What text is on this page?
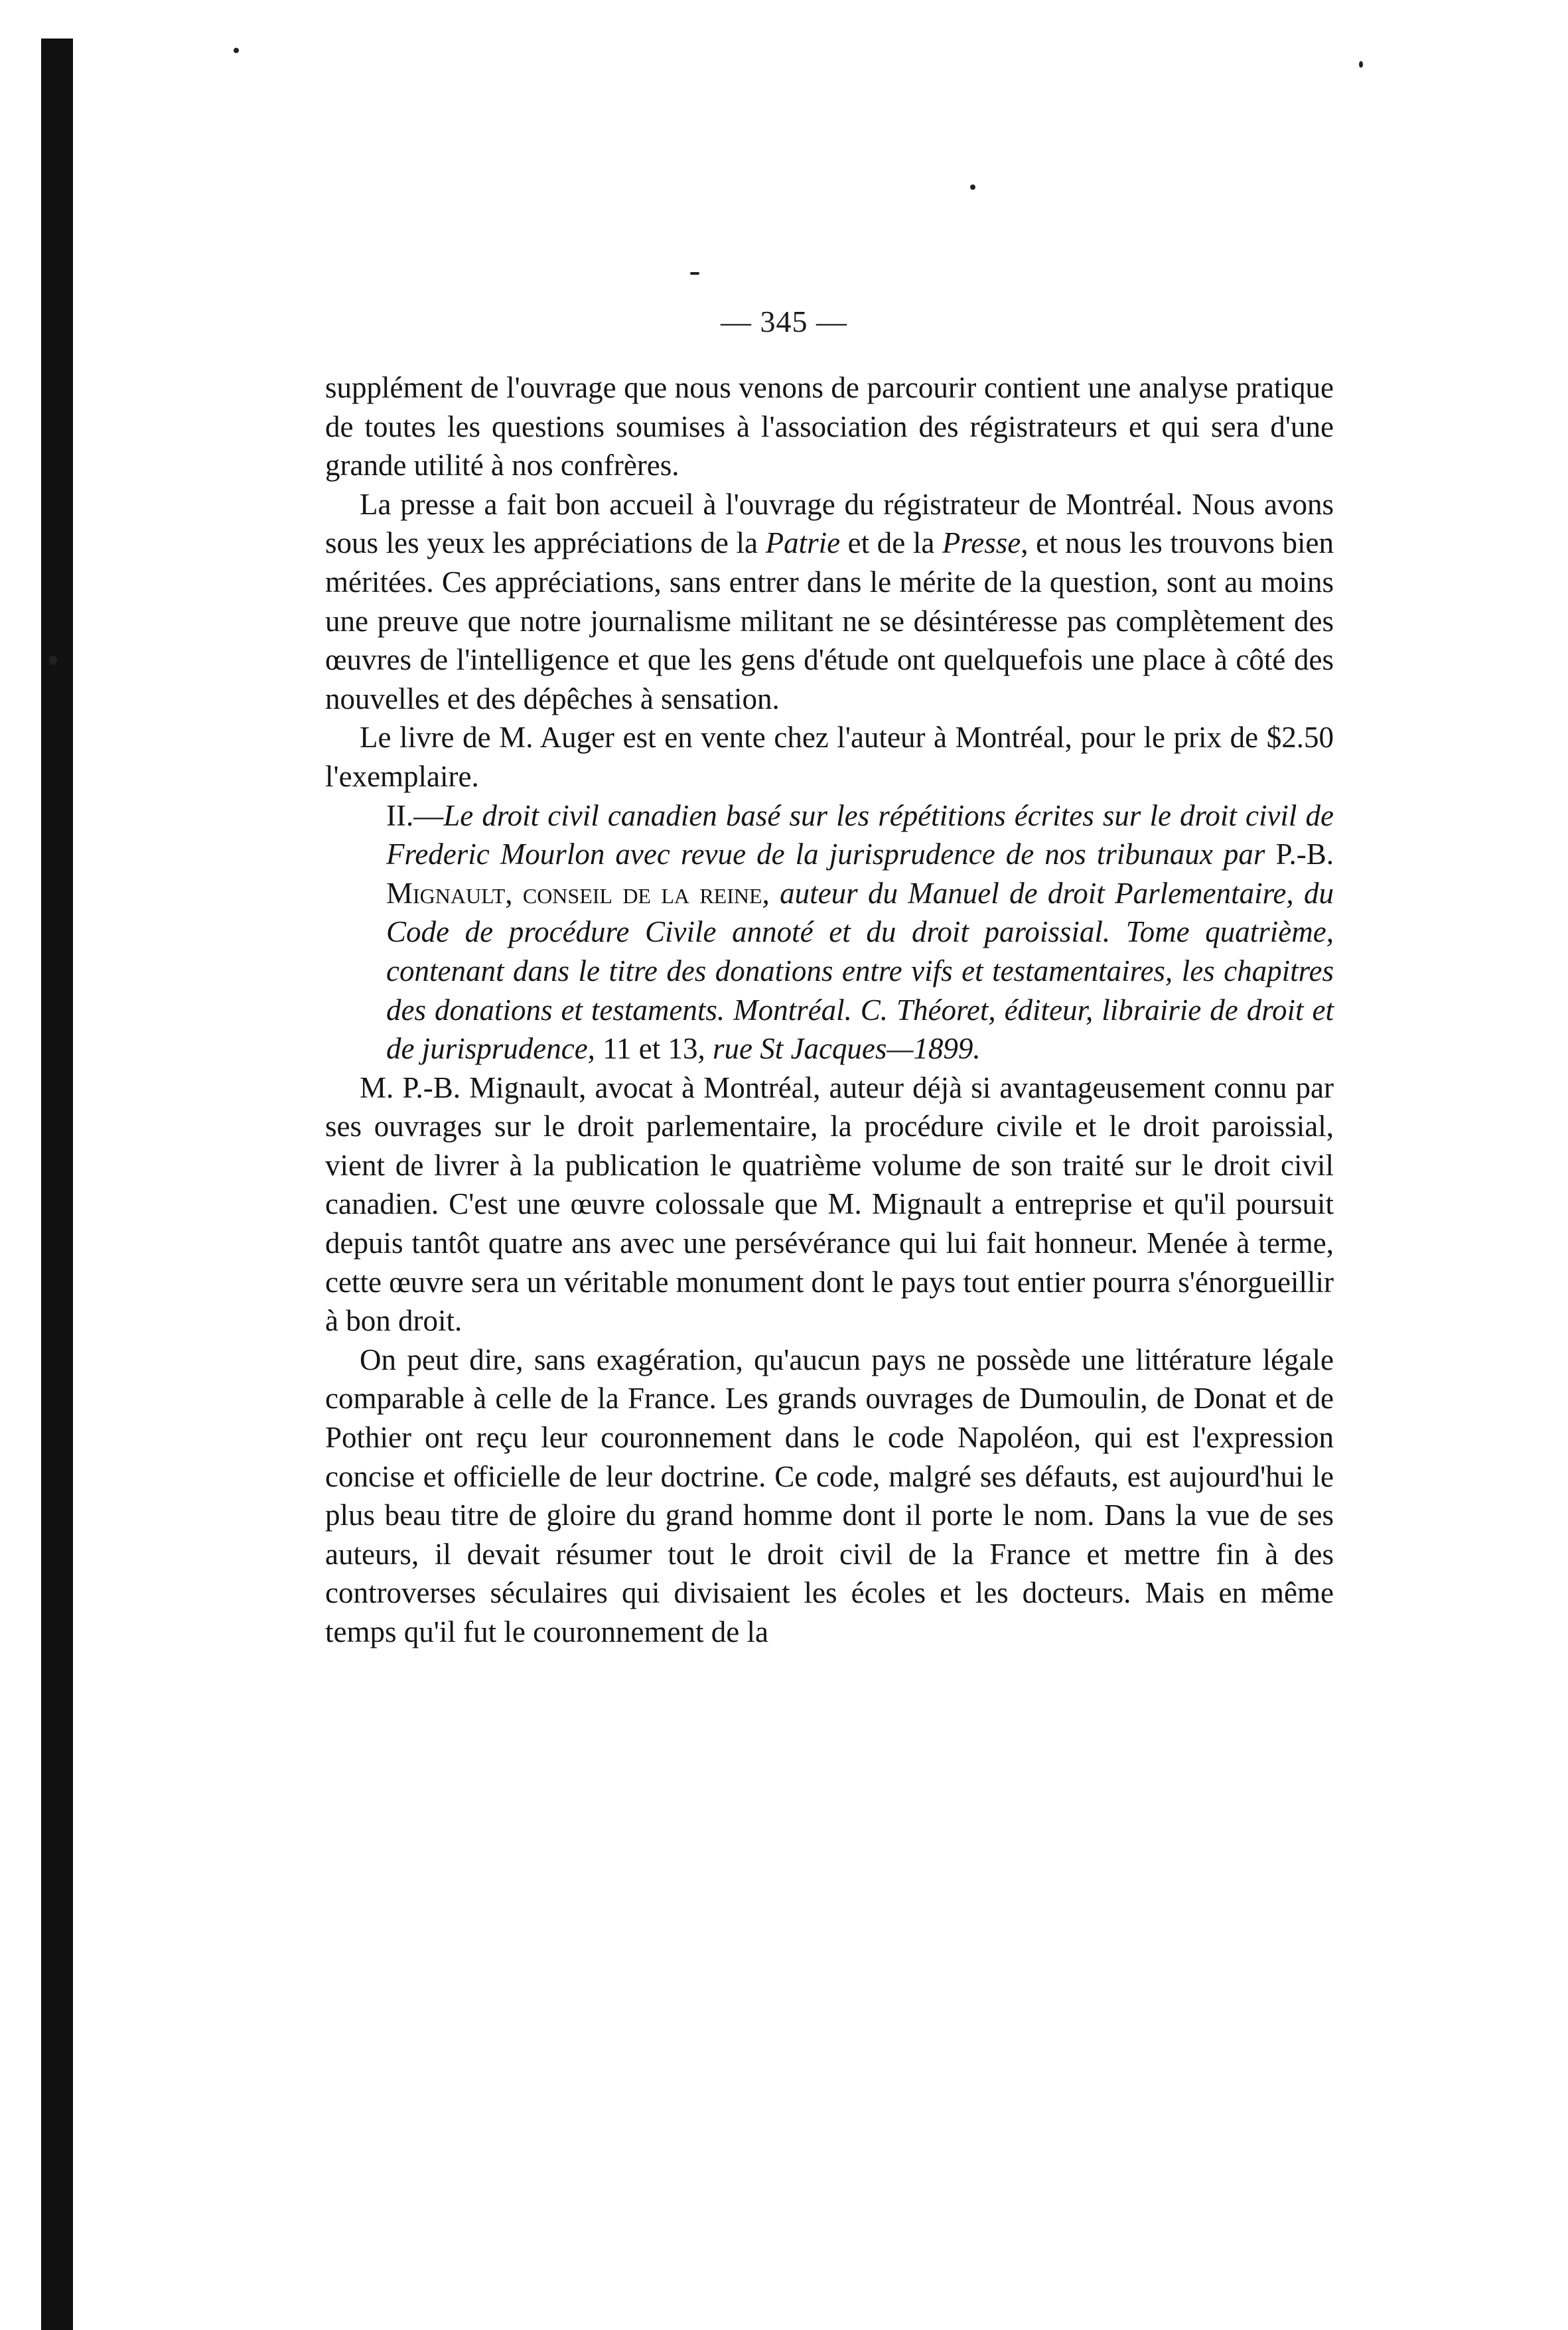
— 345 —

supplément de l'ouvrage que nous venons de parcourir contient une analyse pratique de toutes les questions soumises à l'association des régistrateurs et qui sera d'une grande utilité à nos confrères.

La presse a fait bon accueil à l'ouvrage du régistrateur de Montréal. Nous avons sous les yeux les appréciations de la Patrie et de la Presse, et nous les trouvons bien méritées. Ces appréciations, sans entrer dans le mérite de la question, sont au moins une preuve que notre journalisme militant ne se désintéresse pas complètement des œuvres de l'intelligence et que les gens d'étude ont quelquefois une place à côté des nouvelles et des dépêches à sensation.

Le livre de M. Auger est en vente chez l'auteur à Montréal, pour le prix de $2.50 l'exemplaire.

II.—Le droit civil canadien basé sur les répétitions écrites sur le droit civil de Frederic Mourlon avec revue de la jurisprudence de nos tribunaux par P.-B. Mignault, conseil de la reine, auteur du Manuel de droit Parlementaire, du Code de procédure Civile annoté et du droit paroissial. Tome quatrième, contenant dans le titre des donations entre vifs et testamentaires, les chapitres des donations et testaments. Montréal. C. Théoret, éditeur, librairie de droit et de jurisprudence, 11 et 13, rue St Jacques—1899.

M. P.-B. Mignault, avocat à Montréal, auteur déjà si avantageusement connu par ses ouvrages sur le droit parlementaire, la procédure civile et le droit paroissial, vient de livrer à la publication le quatrième volume de son traité sur le droit civil canadien. C'est une œuvre colossale que M. Mignault a entreprise et qu'il poursuit depuis tantôt quatre ans avec une persévérance qui lui fait honneur. Menée à terme, cette œuvre sera un véritable monument dont le pays tout entier pourra s'énorgueillir à bon droit.

On peut dire, sans exagération, qu'aucun pays ne possède une littérature légale comparable à celle de la France. Les grands ouvrages de Dumoulin, de Donat et de Pothier ont reçu leur couronnement dans le code Napoléon, qui est l'expression concise et officielle de leur doctrine. Ce code, malgré ses défauts, est aujourd'hui le plus beau titre de gloire du grand homme dont il porte le nom. Dans la vue de ses auteurs, il devait résumer tout le droit civil de la France et mettre fin à des controverses séculaires qui divisaient les écoles et les docteurs. Mais en même temps qu'il fut le couronnement de la
